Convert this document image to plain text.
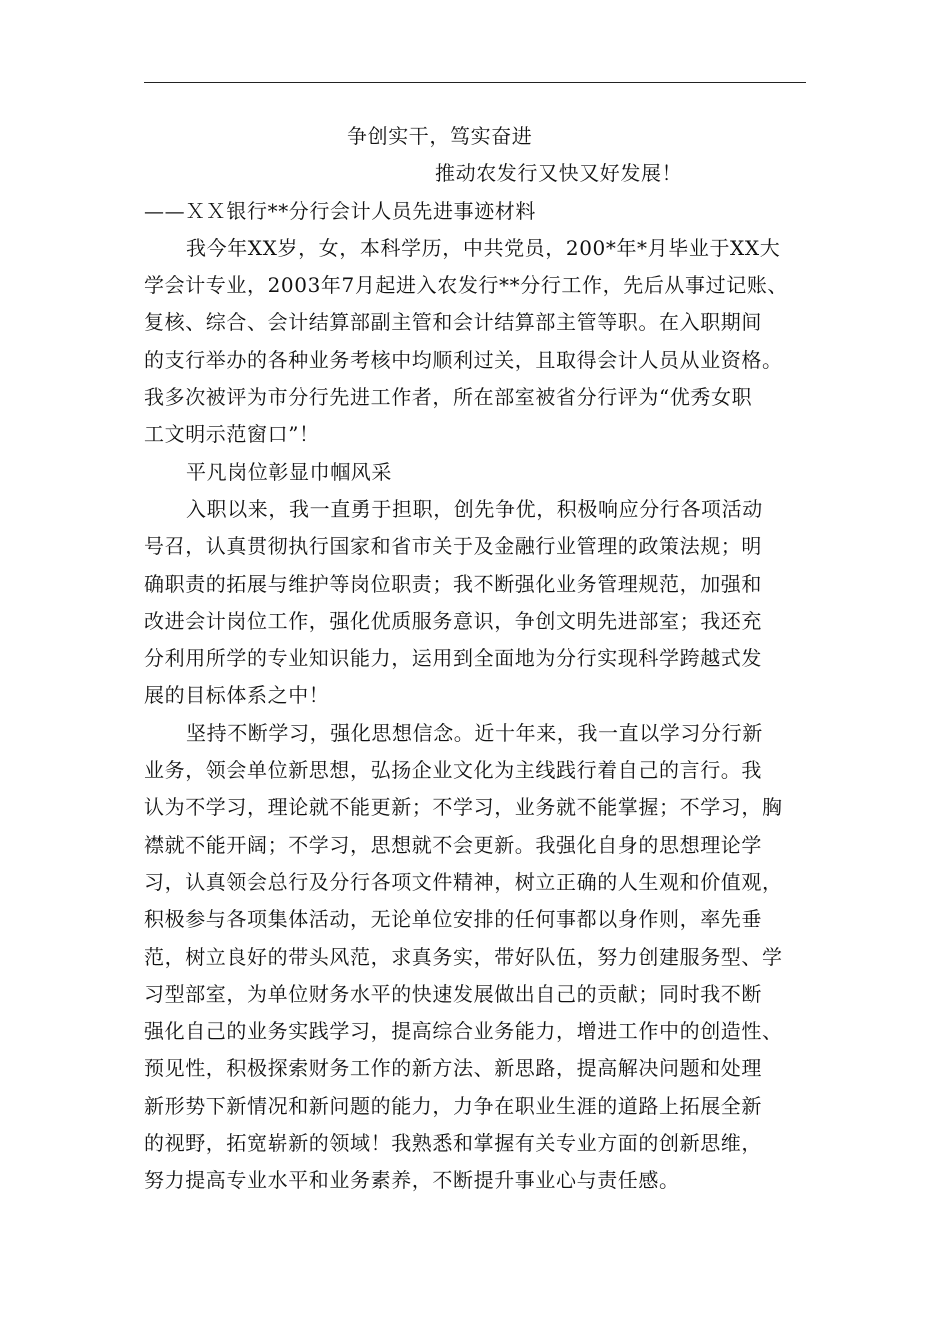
争创实干，笃实奋进
推动农发行又快又好发展！
——ＸＸ银行**分行会计人员先进事迹材料
我今年XX岁，女，本科学历，中共党员，200*年*月毕业于XX大
学会计专业，2003年7月起进入农发行**分行工作，先后从事过记账、
复核、综合、会计结算部副主管和会计结算部主管等职。在入职期间
的支行举办的各种业务考核中均顺利过关，且取得会计人员从业资格。
我多次被评为市分行先进工作者，所在部室被省分行评为“优秀女职
工文明示范窗口”！
平凡岗位彰显巾帼风采
入职以来，我一直勇于担职，创先争优，积极响应分行各项活动
号召，认真贯彻执行国家和省市关于及金融行业管理的政策法规；明
确职责的拓展与维护等岗位职责；我不断强化业务管理规范，加强和
改进会计岗位工作，强化优质服务意识，争创文明先进部室；我还充
分利用所学的专业知识能力，运用到全面地为分行实现科学跨越式发
展的目标体系之中！
坚持不断学习，强化思想信念。近十年来，我一直以学习分行新
业务，领会单位新思想，弘扬企业文化为主线践行着自己的言行。我
认为不学习，理论就不能更新；不学习，业务就不能掌握；不学习，胸
襟就不能开阔；不学习，思想就不会更新。我强化自身的思想理论学
习，认真领会总行及分行各项文件精神，树立正确的人生观和价值观，
积极参与各项集体活动，无论单位安排的任何事都以身作则，率先垂
范，树立良好的带头风范，求真务实，带好队伍，努力创建服务型、学
习型部室，为单位财务水平的快速发展做出自己的贡献；同时我不断
强化自己的业务实践学习，提高综合业务能力，增进工作中的创造性、
预见性，积极探索财务工作的新方法、新思路，提高解决问题和处理
新形势下新情况和新问题的能力，力争在职业生涯的道路上拓展全新
的视野，拓宽崭新的领域！我熟悉和掌握有关专业方面的创新思维，
努力提高专业水平和业务素养，不断提升事业心与责任感。
